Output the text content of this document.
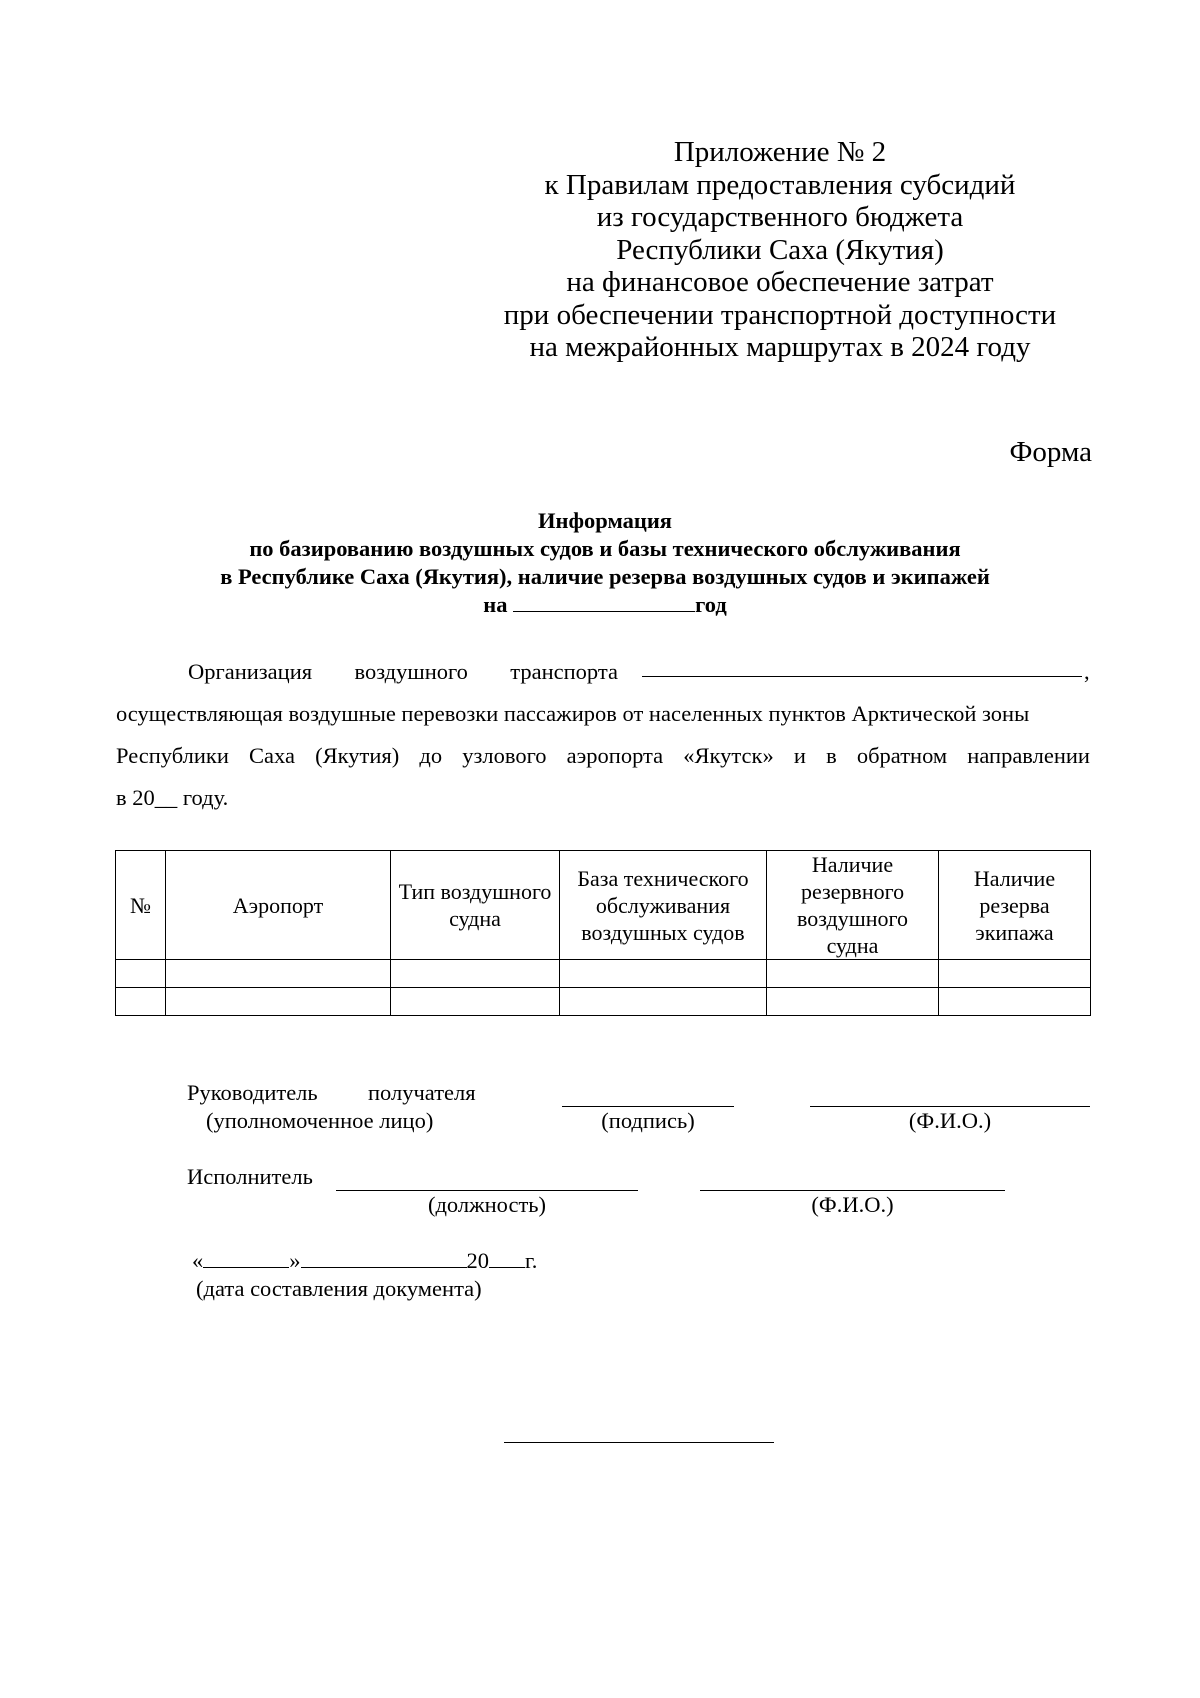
Приложение № 2
к Правилам предоставления субсидий
из государственного бюджета
Республики Саха (Якутия)
на финансовое обеспечение затрат
при обеспечении транспортной доступности
на межрайонных маршрутах в 2024 году
Форма
Информация
по базированию воздушных судов и базы технического обслуживания
в Республике Саха (Якутия), наличие резерва воздушных судов и экипажей
на	год
Организация воздушного транспорта	,
осуществляющая воздушные перевозки пассажиров от населенных пунктов Арктической зоны
Республики Саха (Якутия) до узлового аэропорта «Якутск» и в обратном направлении
в 20__ году.
№	Аэропорт	Тип воздушного судна	База технического обслуживания воздушных судов	Наличие резервного воздушного судна	Наличие резерва экипажа

Руководитель получателя
(уполномоченное лицо)	(подпись)	(Ф.И.О.)
Исполнитель
(должность)	(Ф.И.О.)
«	»	20 г.
(дата составления документа)
